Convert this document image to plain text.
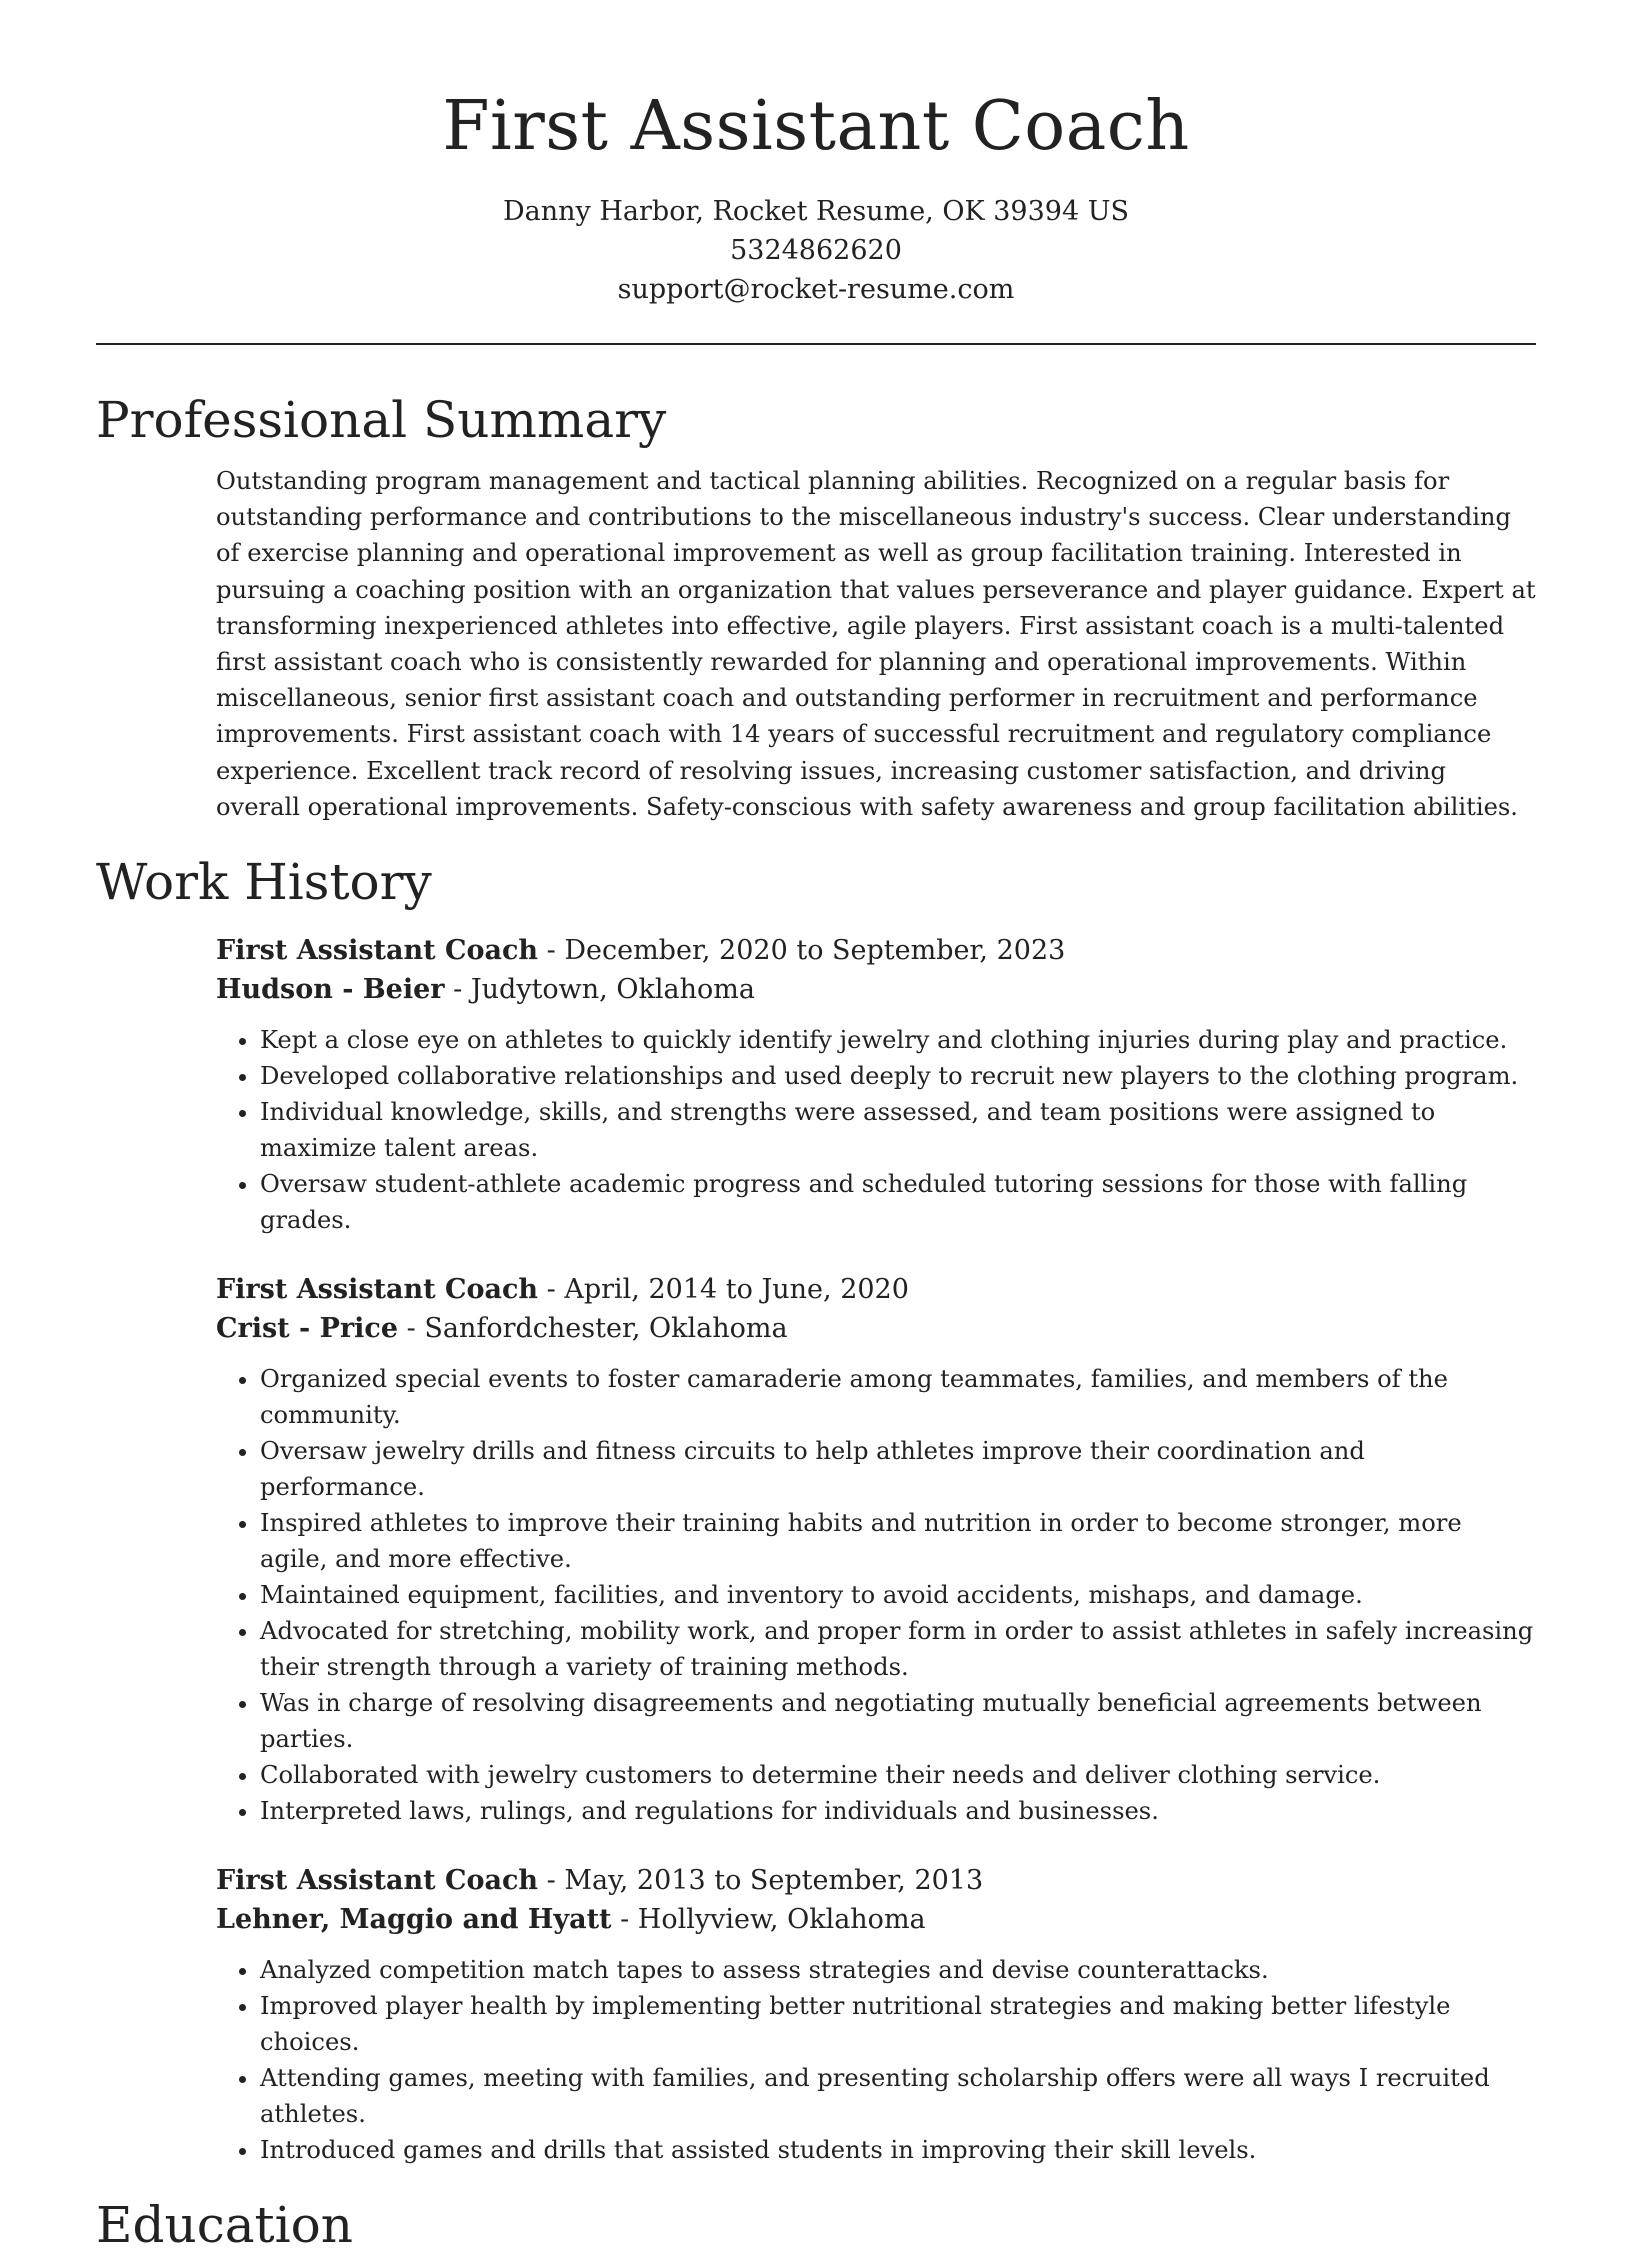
First Assistant Coach
Danny Harbor, Rocket Resume, OK 39394 US
5324862620
support@rocket-resume.com
Professional Summary
Outstanding program management and tactical planning abilities. Recognized on a regular basis for outstanding performance and contributions to the miscellaneous industry's success. Clear understanding of exercise planning and operational improvement as well as group facilitation training. Interested in pursuing a coaching position with an organization that values perseverance and player guidance. Expert at transforming inexperienced athletes into effective, agile players. First assistant coach is a multi-talented first assistant coach who is consistently rewarded for planning and operational improvements. Within miscellaneous, senior first assistant coach and outstanding performer in recruitment and performance improvements. First assistant coach with 14 years of successful recruitment and regulatory compliance experience. Excellent track record of resolving issues, increasing customer satisfaction, and driving overall operational improvements. Safety-conscious with safety awareness and group facilitation abilities.
Work History
First Assistant Coach - December, 2020 to September, 2023
Hudson - Beier - Judytown, Oklahoma
• Kept a close eye on athletes to quickly identify jewelry and clothing injuries during play and practice.
• Developed collaborative relationships and used deeply to recruit new players to the clothing program.
• Individual knowledge, skills, and strengths were assessed, and team positions were assigned to maximize talent areas.
• Oversaw student-athlete academic progress and scheduled tutoring sessions for those with falling grades.
First Assistant Coach - April, 2014 to June, 2020
Crist - Price - Sanfordchester, Oklahoma
• Organized special events to foster camaraderie among teammates, families, and members of the community.
• Oversaw jewelry drills and fitness circuits to help athletes improve their coordination and performance.
• Inspired athletes to improve their training habits and nutrition in order to become stronger, more agile, and more effective.
• Maintained equipment, facilities, and inventory to avoid accidents, mishaps, and damage.
• Advocated for stretching, mobility work, and proper form in order to assist athletes in safely increasing their strength through a variety of training methods.
• Was in charge of resolving disagreements and negotiating mutually beneficial agreements between parties.
• Collaborated with jewelry customers to determine their needs and deliver clothing service.
• Interpreted laws, rulings, and regulations for individuals and businesses.
First Assistant Coach - May, 2013 to September, 2013
Lehner, Maggio and Hyatt - Hollyview, Oklahoma
• Analyzed competition match tapes to assess strategies and devise counterattacks.
• Improved player health by implementing better nutritional strategies and making better lifestyle choices.
• Attending games, meeting with families, and presenting scholarship offers were all ways I recruited athletes.
• Introduced games and drills that assisted students in improving their skill levels.
Education
